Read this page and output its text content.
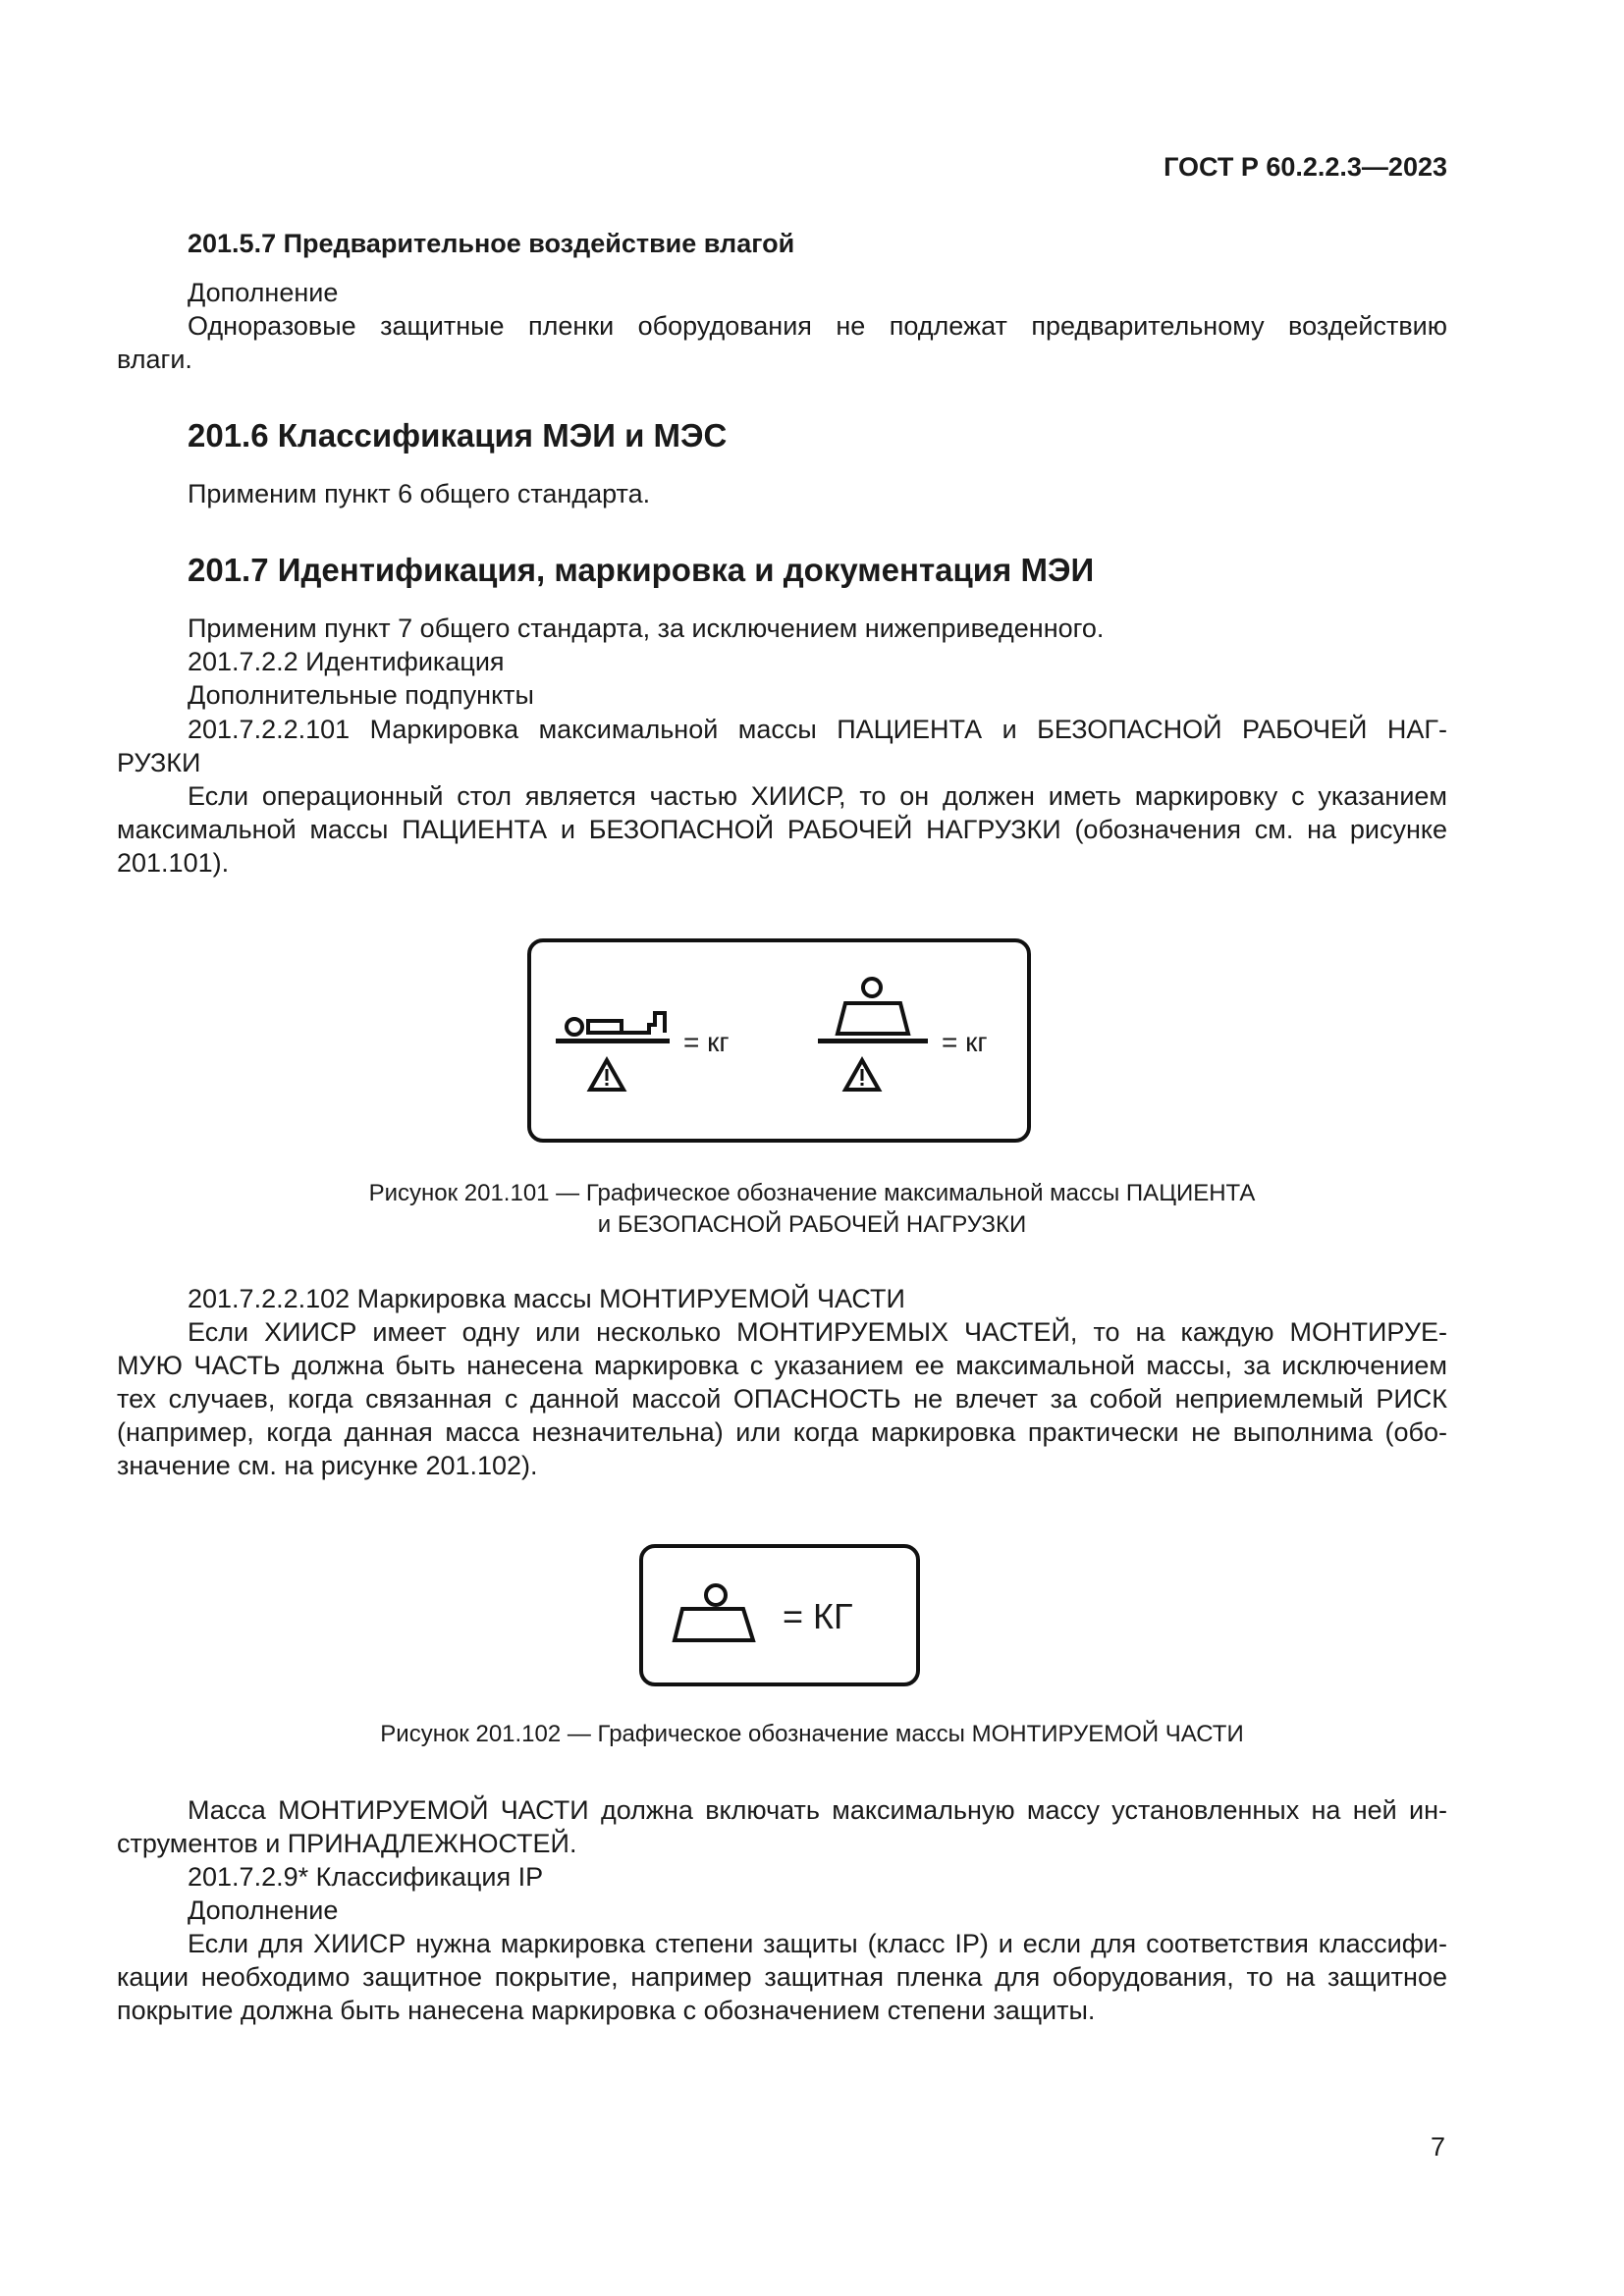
ГОСТ Р 60.2.2.3—2023
201.5.7 Предварительное воздействие влагой
Дополнение
Одноразовые защитные пленки оборудования не подлежат предварительному воздействию
влаги.
201.6 Классификация МЭИ и МЭС
Применим пункт 6 общего стандарта.
201.7 Идентификация, маркировка и документация МЭИ
Применим пункт 7 общего стандарта, за исключением нижеприведенного.
201.7.2.2 Идентификация
Дополнительные подпункты
201.7.2.2.101 Маркировка максимальной массы ПАЦИЕНТА и БЕЗОПАСНОЙ РАБОЧЕЙ НАГ-
РУЗКИ
Если операционный стол является частью ХИИСР, то он должен иметь маркировку с указанием
максимальной массы ПАЦИЕНТА и БЕЗОПАСНОЙ РАБОЧЕЙ НАГРУЗКИ (обозначения см. на рисунке
201.101).
= кг	= кг
Рисунок 201.101 — Графическое обозначение максимальной массы ПАЦИЕНТА
и БЕЗОПАСНОЙ РАБОЧЕЙ НАГРУЗКИ
201.7.2.2.102 Маркировка массы МОНТИРУЕМОЙ ЧАСТИ
Если ХИИСР имеет одну или несколько МОНТИРУЕМЫХ ЧАСТЕЙ, то на каждую МОНТИРУЕ-
МУЮ ЧАСТЬ должна быть нанесена маркировка с указанием ее максимальной массы, за исключением
тех случаев, когда связанная с данной массой ОПАСНОСТЬ не влечет за собой неприемлемый РИСК
(например, когда данная масса незначительна) или когда маркировка практически не выполнима (обо-
значение см. на рисунке 201.102).
= КГ
Рисунок 201.102 — Графическое обозначение массы МОНТИРУЕМОЙ ЧАСТИ
Масса МОНТИРУЕМОЙ ЧАСТИ должна включать максимальную массу установленных на ней ин-
струментов и ПРИНАДЛЕЖНОСТЕЙ.
201.7.2.9* Классификация IP
Дополнение
Если для ХИИСР нужна маркировка степени защиты (класс IP) и если для соответствия классифи-
кации необходимо защитное покрытие, например защитная пленка для оборудования, то на защитное
покрытие должна быть нанесена маркировка с обозначением степени защиты.
7
